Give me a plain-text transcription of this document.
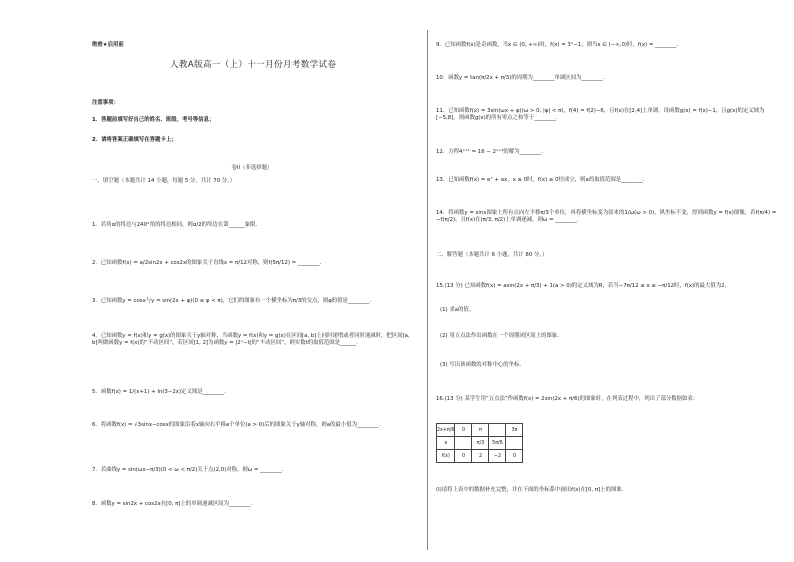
绝密★启用前
人教A版高一（上）十一月份月考数学试卷
注意事项：
1．答题前填写好自己的姓名、班级、考号等信息；
2．请将答案正确填写在答题卡上；
卷II（非选择题）
一、填空题（本题共计 14 小题，每题 5 分，共计 70 分，）
1．若角α的终边与240°角的终边相同，则α/2的终边在第______象限．
2．已知函数f(x) = a/2sin2x + cos2x的图象关于直线x = π/12对称，则f(5π/12) = ________．
3．已知函数y = cosx与y = sin(2x + φ)(0 ≤ φ < π)，它们的图象有一个横坐标为π/3的交点，则φ的值是________．
4．已知函数y = f(x)和y = g(x)的图象关于y轴对称，当函数y = f(x)和y = g(x)在区间[a, b]上同时递增或者同时递减时，把区间[a, b]叫做函数y = f(x)的“不动区间”，若区间[1, 2]为函数y = |2ˣ−t|的“不动区间”，则实数t的取值范围是______．
5．函数f(x) = 1/(x+1) + ln(3−2x)定义域是________．
6．将函数f(x) = √3sinx−cosx的图象沿着x轴向右平移a个单位(a > 0)后的图象关于y轴对称，则a的最小值为________．
7．若曲线y = sin(ωx−π/3)(0 < ω < π/2)关于点(2,0)对称，则ω = ________．
8．函数y = sin2x + cos2x在[0, π]上的单调递减区间为________．
9．已知函数f(x)是奇函数，当x ∈ (0, +∞)时，f(x) = 3ˣ−1；则当x ∈ (−∞,0)时，f(x) = ________．
10．函数y = tan(π/2x + π/3)的周期为________单调区间为________．
11．已知函数f(x) = 3sin(ωx + φ)(ω > 0, |φ| < π)，f(4) = f(2)−6，且f(x)在[2,4]上单调．设函数g(x) = f(x)−1，且g(x)的定义域为[−5,8]，则函数g(x)的所有零点之和等于________．
12．方程4ˣ⁺¹ = 16 − 2ˣ⁺³的解为________．
13．已知函数f(x) = eˣ + ax，x ≥ 0时，f(x) ≥ 0恒成立，则a的取值范围是________．
14．将函数y = sinx图象上所有点向左平移π/3个单位，再将横坐标变为原来的1/ω(ω > 0)，纵坐标不变，得到函数y = f(x)图像，若f(π/4) = −f(π/2)，且f(x)在(π/3, π/2)上单调递减，则ω = ________．
二、解答题（本题共计 6 小题，共计 80 分，）
15.(13 分) 已知函数f(x) = asin(2x + π/3) + 1(a > 0)的定义域为R，若当−7π/12 ≤ x ≤ −π/12时，f(x)的最大值为2，
(1) 求a的值；
(2) 用五点法作出函数在一个周期闭区间上的图象．
(3) 写出该函数的对称中心的坐标．
16.(13 分) 某学生用“五点法”作函数f(x) = 2sin(2x + π/6)的图象时，在列表过程中，列出了部分数据如表：
2x+π/6	0	π		3π
x		π/3	5π/6	
f(x)	0	2	−2	0
(I)请将上表中的数据补充完整，并在下面的坐标系中画出f(x)在[0, π]上的图象．
